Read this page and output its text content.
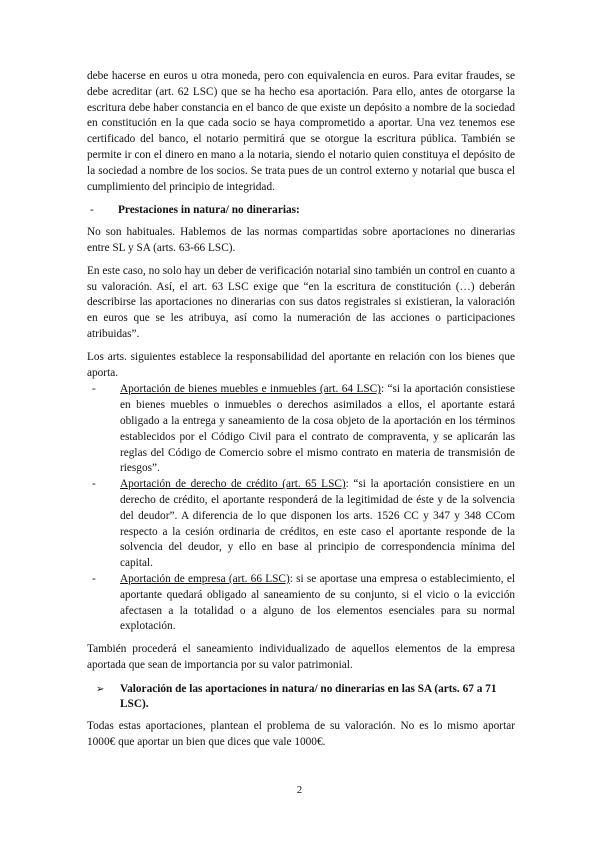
debe hacerse en euros u otra moneda, pero con equivalencia en euros. Para evitar fraudes, se debe acreditar (art. 62 LSC) que se ha hecho esa aportación. Para ello, antes de otorgarse la escritura debe haber constancia en el banco de que existe un depósito a nombre de la sociedad en constitución en la que cada socio se haya comprometido a aportar. Una vez tenemos ese certificado del banco, el notario permitirá que se otorgue la escritura pública. También se permite ir con el dinero en mano a la notaria, siendo el notario quien constituya el depósito de la sociedad a nombre de los socios. Se trata pues de un control externo y notarial que busca el cumplimiento del principio de integridad.

- Prestaciones in natura/ no dinerarias:

No son habituales. Hablemos de las normas compartidas sobre aportaciones no dinerarias entre SL y SA (arts. 63-66 LSC).

En este caso, no solo hay un deber de verificación notarial sino también un control en cuanto a su valoración. Así, el art. 63 LSC exige que “en la escritura de constitución (…) deberán describirse las aportaciones no dinerarias con sus datos registrales si existieran, la valoración en euros que se les atribuya, así como la numeración de las acciones o participaciones atribuidas”.

Los arts. siguientes establece la responsabilidad del aportante en relación con los bienes que aporta.

- Aportación de bienes muebles e inmuebles (art. 64 LSC): “si la aportación consistiese en bienes muebles o inmuebles o derechos asimilados a ellos, el aportante estará obligado a la entrega y saneamiento de la cosa objeto de la aportación en los términos establecidos por el Código Civil para el contrato de compraventa, y se aplicarán las reglas del Código de Comercio sobre el mismo contrato en materia de transmisión de riesgos”.
- Aportación de derecho de crédito (art. 65 LSC): “si la aportación consistiere en un derecho de crédito, el aportante responderá de la legitimidad de éste y de la solvencia del deudor”. A diferencia de lo que disponen los arts. 1526 CC y 347 y 348 CCom respecto a la cesión ordinaria de créditos, en este caso el aportante responde de la solvencia del deudor, y ello en base al principio de correspondencia mínima del capital.
- Aportación de empresa (art. 66 LSC): si se aportase una empresa o establecimiento, el aportante quedará obligado al saneamiento de su conjunto, si el vicio o la evicción afectasen a la totalidad o a alguno de los elementos esenciales para su normal explotación.

También procederá el saneamiento individualizado de aquellos elementos de la empresa aportada que sean de importancia por su valor patrimonial.

➢ Valoración de las aportaciones in natura/ no dinerarias en las SA (arts. 67 a 71 LSC).

Todas estas aportaciones, plantean el problema de su valoración. No es lo mismo aportar 1000€ que aportar un bien que dices que vale 1000€.

2
